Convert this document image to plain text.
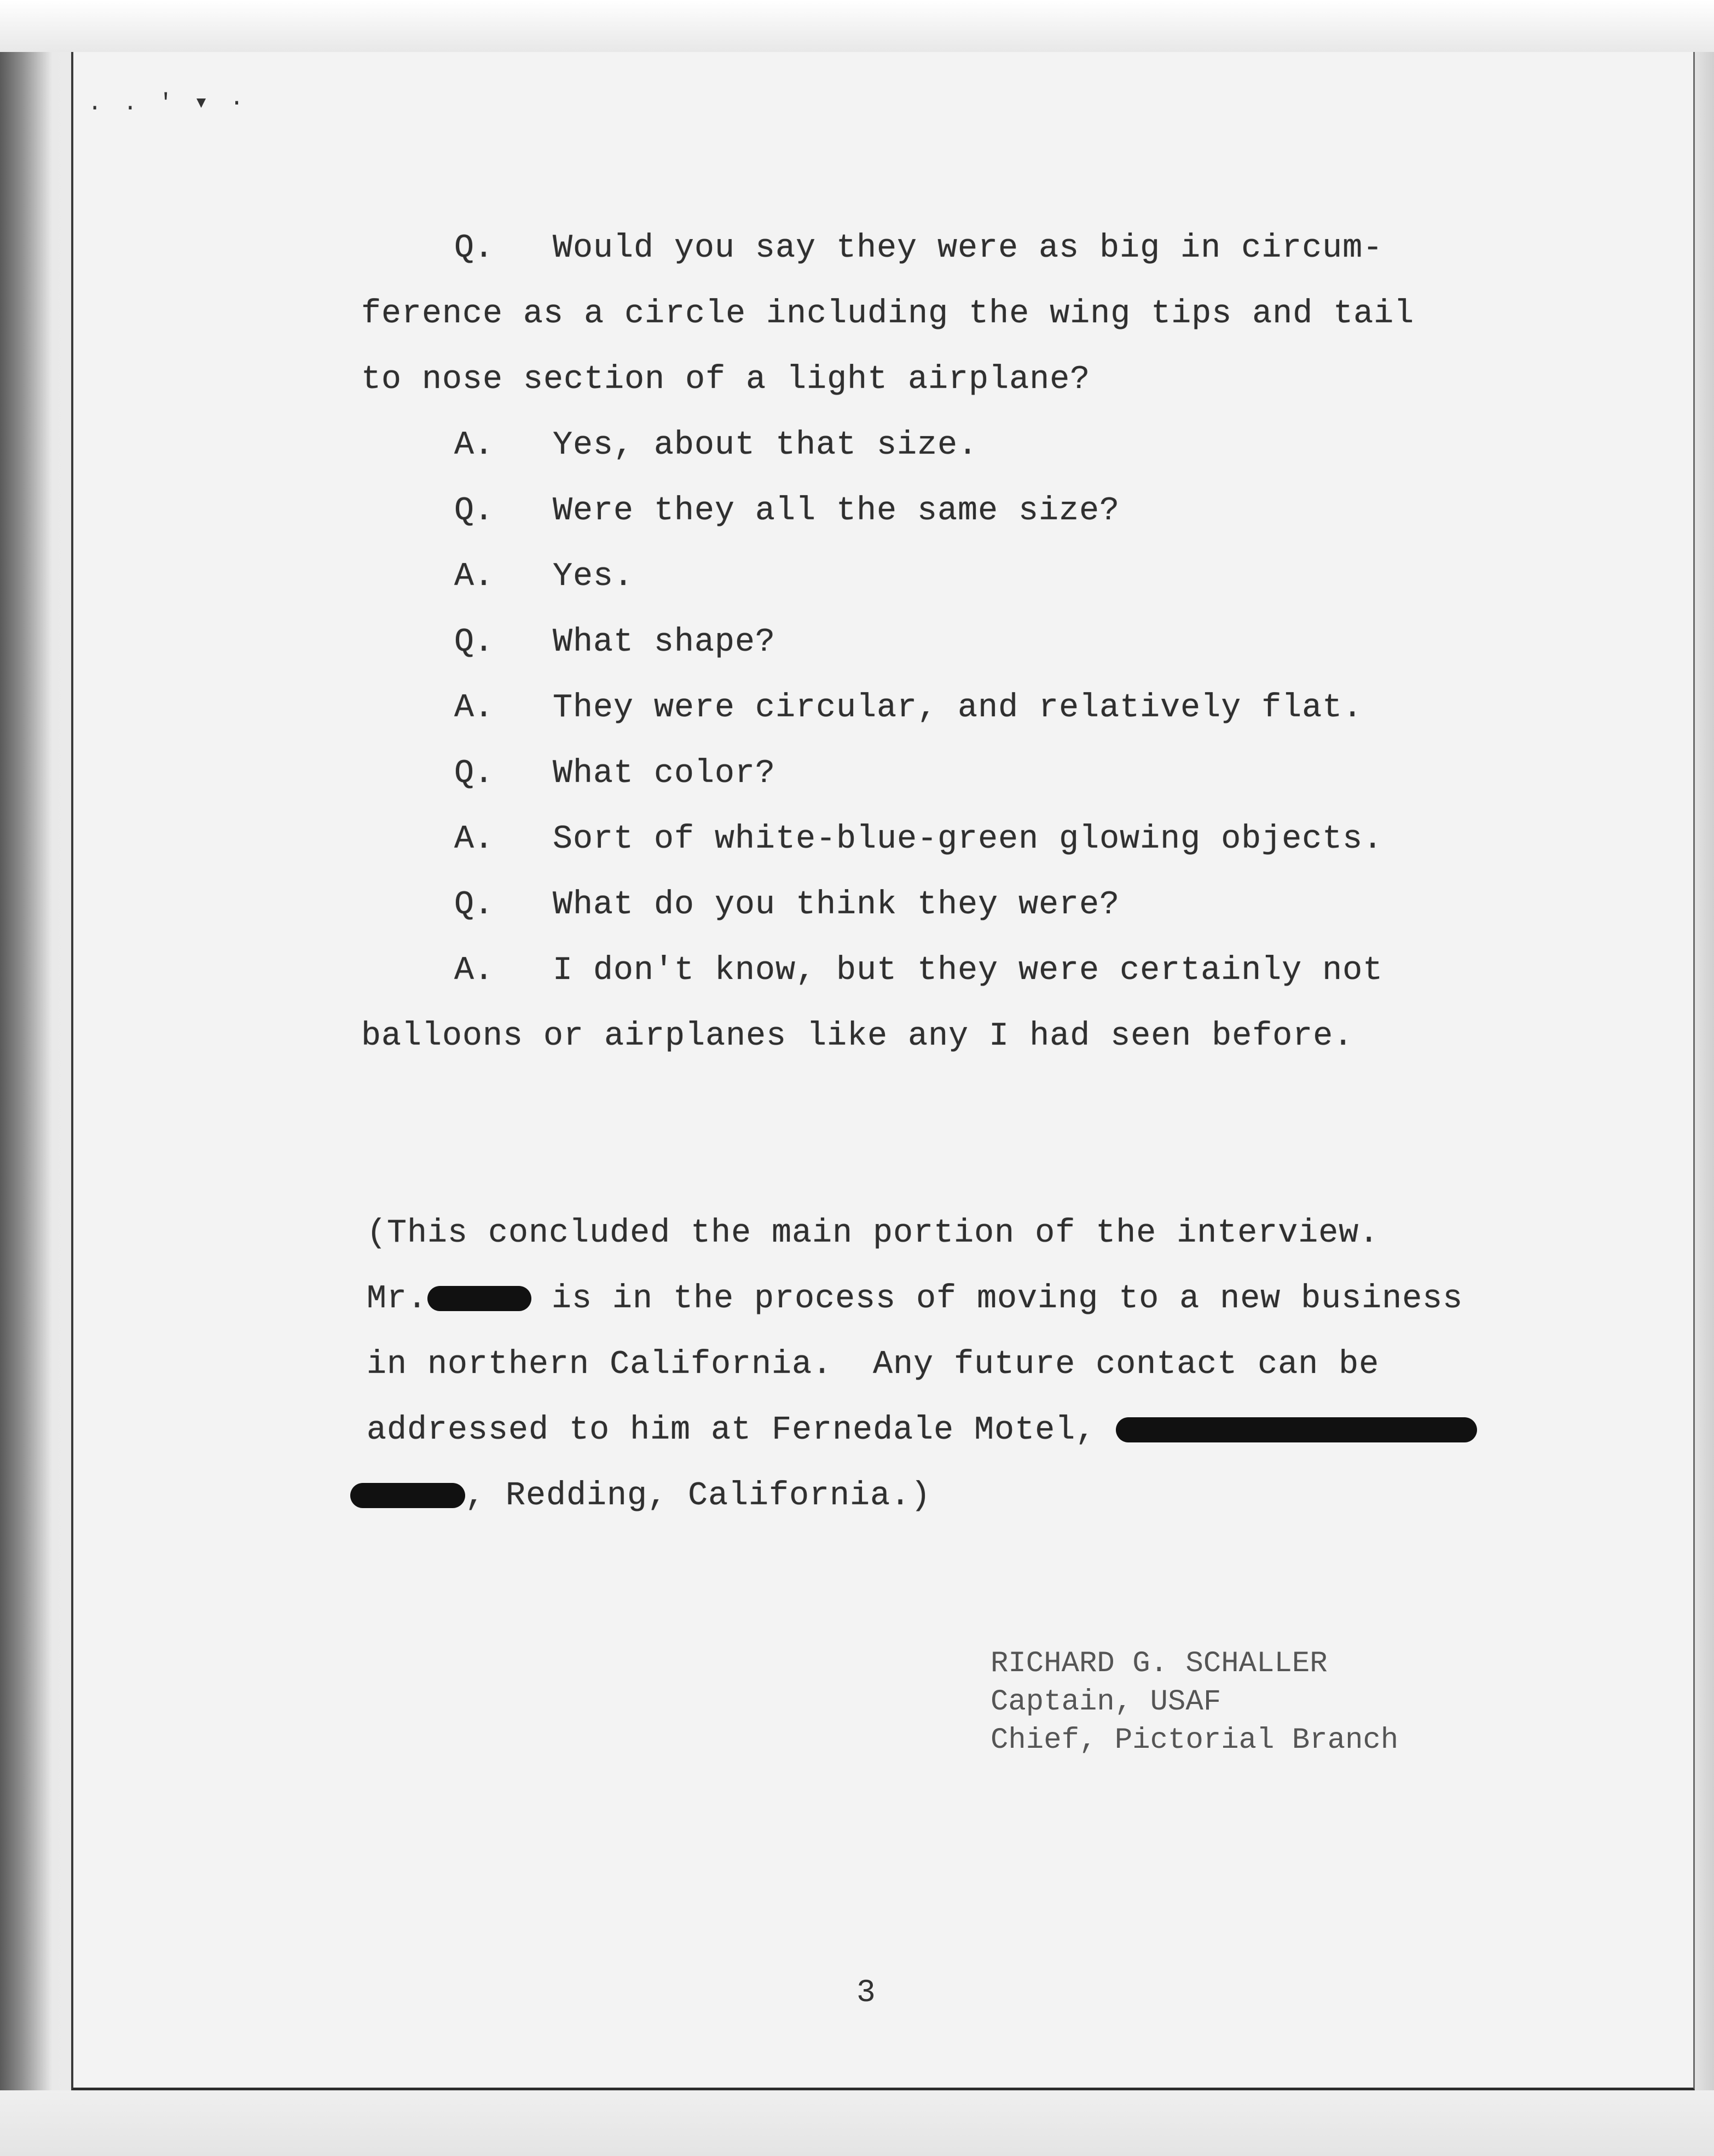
. . ' ▾ ·
Q. Would you say they were as big in circum-
ference as a circle including the wing tips and tail
to nose section of a light airplane?
A. Yes, about that size.
Q. Were they all the same size?
A. Yes.
Q. What shape?
A. They were circular, and relatively flat.
Q. What color?
A. Sort of white-blue-green glowing objects.
Q. What do you think they were?
A. I don't know, but they were certainly not
balloons or airplanes like any I had seen before.
(This concluded the main portion of the interview.
Mr.	is in the process of moving to a new business
in northern California.  Any future contact can be
addressed to him at Fernedale Motel,
, Redding, California.)
RICHARD G. SCHALLER
Captain, USAF
Chief, Pictorial Branch
3
